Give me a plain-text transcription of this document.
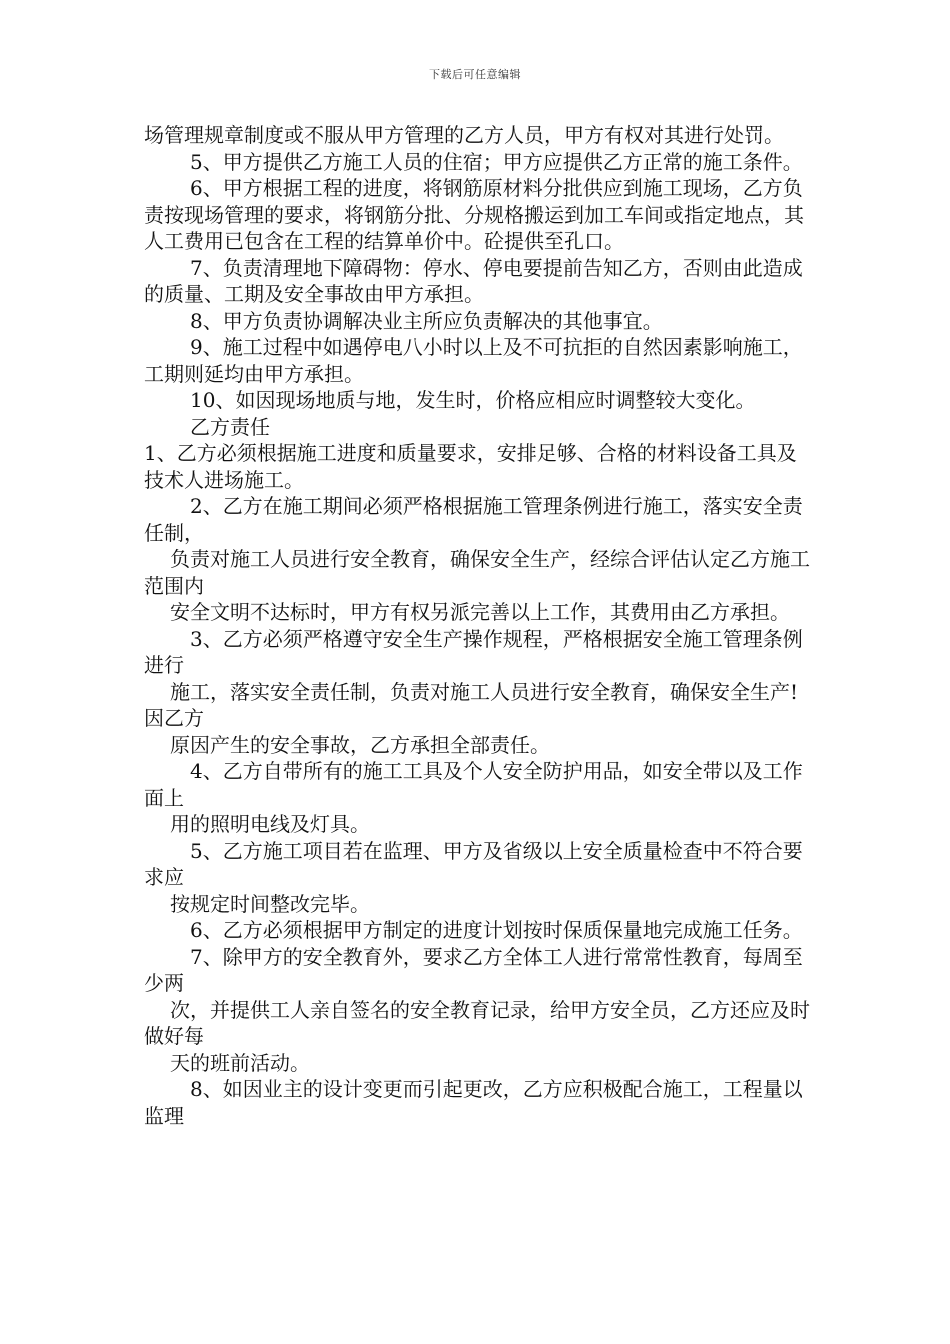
下载后可任意编辑

场管理规章制度或不服从甲方管理的乙方人员，甲方有权对其进行处罚。

5、甲方提供乙方施工人员的住宿；甲方应提供乙方正常的施工条件。

6、甲方根据工程的进度，将钢筋原材料分批供应到施工现场，乙方负责按现场管理的要求，将钢筋分批、分规格搬运到加工车间或指定地点，其人工费用已包含在工程的结算单价中。砼提供至孔口。

7、负责清理地下障碍物：停水、停电要提前告知乙方，否则由此造成的质量、工期及安全事故由甲方承担。

8、甲方负责协调解决业主所应负责解决的其他事宜。

9、施工过程中如遇停电八小时以上及不可抗拒的自然因素影响施工，工期则延均由甲方承担。

10、如因现场地质与地，发生时，价格应相应时调整较大变化。

乙方责任

1、乙方必须根据施工进度和质量要求，安排足够、合格的材料设备工具及

技术人进场施工。

2、乙方在施工期间必须严格根据施工管理条例进行施工，落实安全责任制，

负责对施工人员进行安全教育，确保安全生产，经综合评估认定乙方施工范围内

安全文明不达标时，甲方有权另派完善以上工作，其费用由乙方承担。

3、乙方必须严格遵守安全生产操作规程，严格根据安全施工管理条例进行

施工，落实安全责任制，负责对施工人员进行安全教育，确保安全生产!因乙方

原因产生的安全事故，乙方承担全部责任。

4、乙方自带所有的施工工具及个人安全防护用品，如安全带以及工作面上

用的照明电线及灯具。

5、乙方施工项目若在监理、甲方及省级以上安全质量检查中不符合要求应

按规定时间整改完毕。

6、乙方必须根据甲方制定的进度计划按时保质保量地完成施工任务。

7、除甲方的安全教育外，要求乙方全体工人进行常常性教育，每周至少两

次，并提供工人亲自签名的安全教育记录，给甲方安全员，乙方还应及时做好每

天的班前活动。

8、如因业主的设计变更而引起更改，乙方应积极配合施工，工程量以监理
